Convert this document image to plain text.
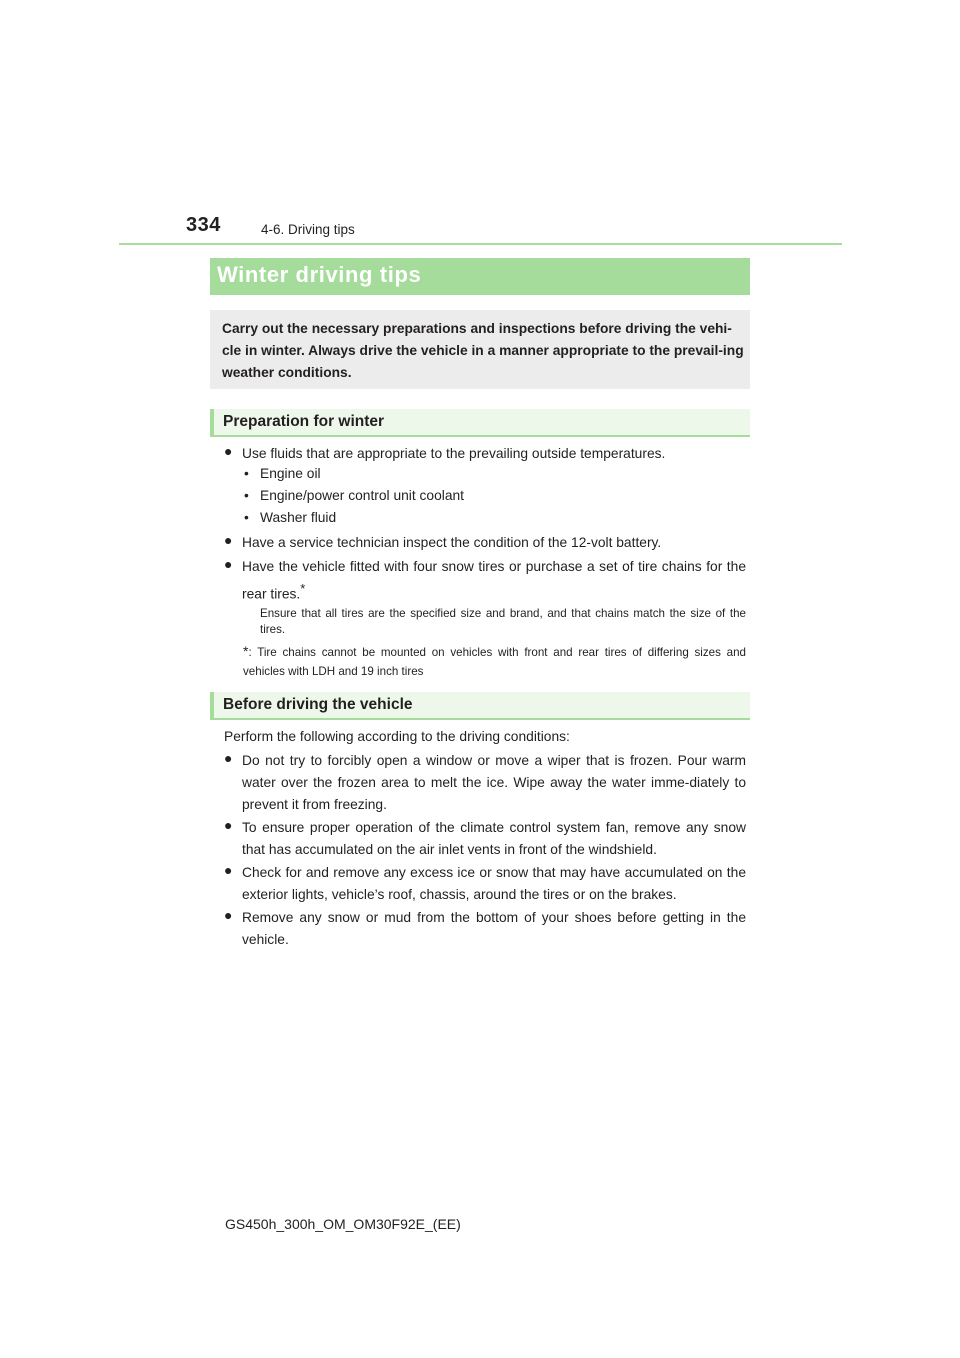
334	4-6. Driving tips
Winter driving tips

Carry out the necessary preparations and inspections before driving the vehi-cle in winter. Always drive the vehicle in a manner appropriate to the prevail-ing weather conditions.

Preparation for winter
● Use fluids that are appropriate to the prevailing outside temperatures.
• Engine oil
• Engine/power control unit coolant
• Washer fluid
● Have a service technician inspect the condition of the 12-volt battery.
● Have the vehicle fitted with four snow tires or purchase a set of tire chains for the rear tires.*
Ensure that all tires are the specified size and brand, and that chains match the size of the tires.
*: Tire chains cannot be mounted on vehicles with front and rear tires of differing sizes and vehicles with LDH and 19 inch tires
Before driving the vehicle
Perform the following according to the driving conditions:
● Do not try to forcibly open a window or move a wiper that is frozen. Pour warm water over the frozen area to melt the ice. Wipe away the water imme-diately to prevent it from freezing.
● To ensure proper operation of the climate control system fan, remove any snow that has accumulated on the air inlet vents in front of the windshield.
● Check for and remove any excess ice or snow that may have accumulated on the exterior lights, vehicle’s roof, chassis, around the tires or on the brakes.
● Remove any snow or mud from the bottom of your shoes before getting in the vehicle.
GS450h_300h_OM_OM30F92E_(EE)
